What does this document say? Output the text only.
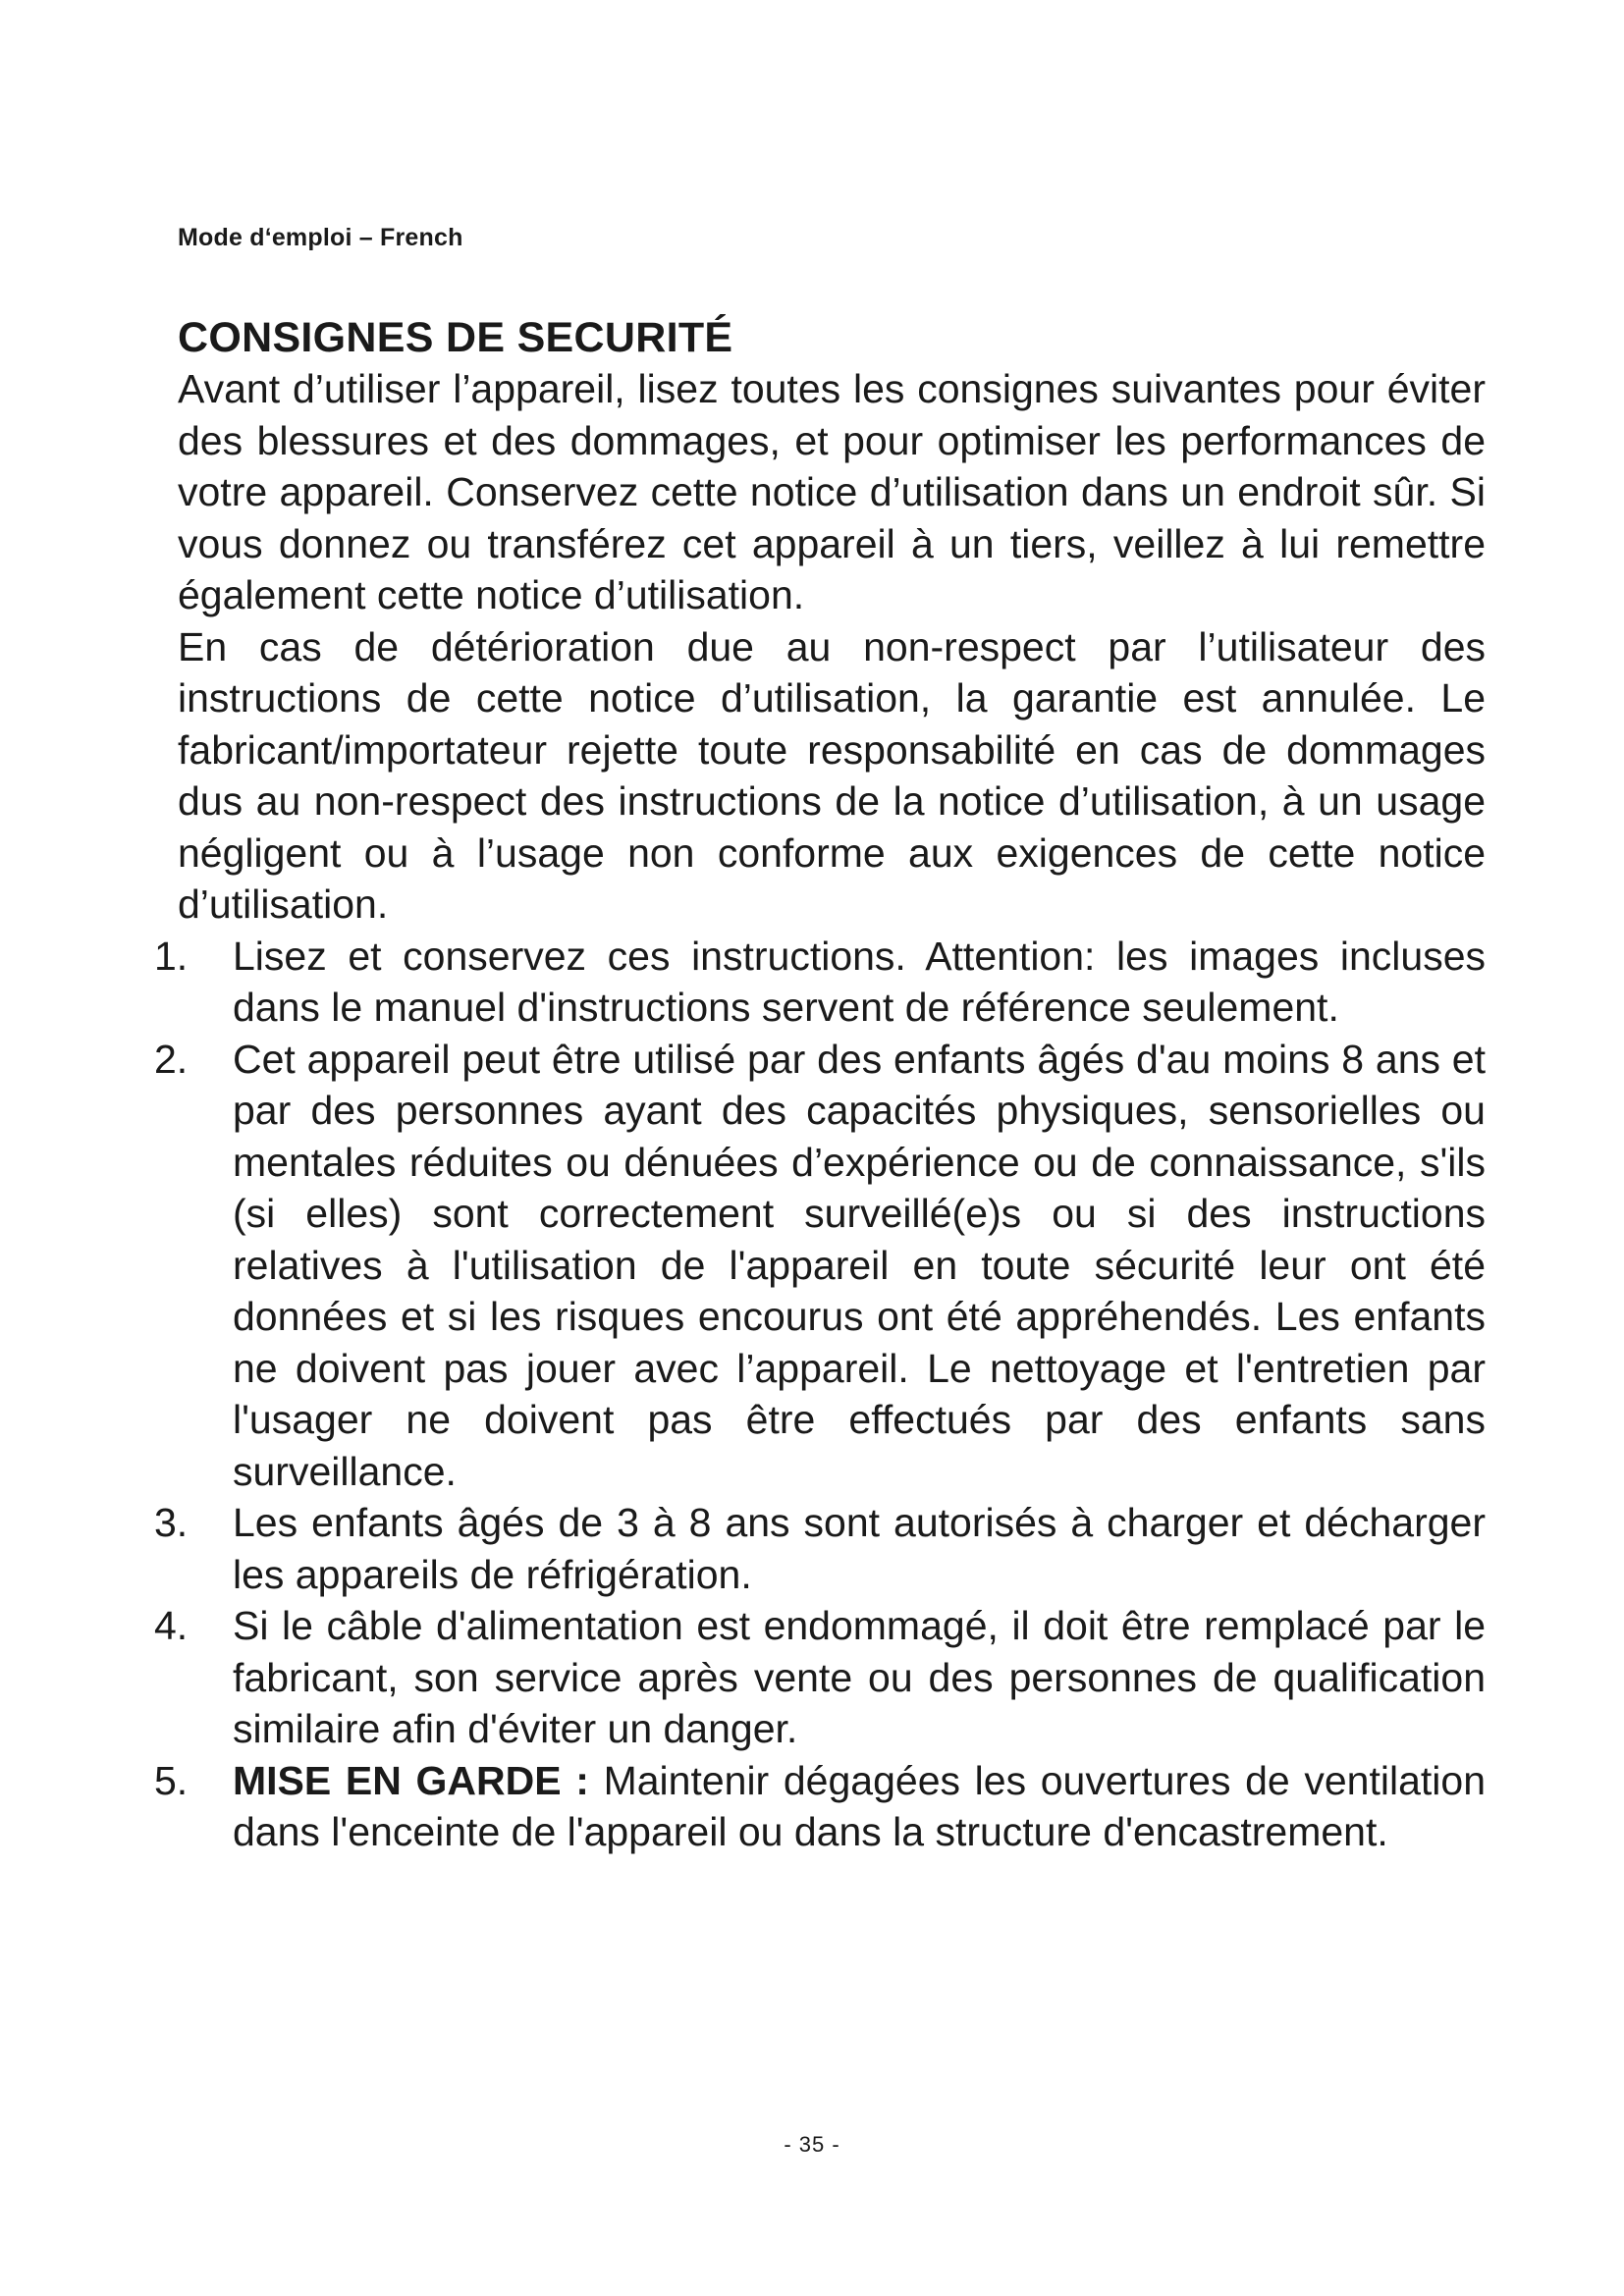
Mode d‘emploi – French
CONSIGNES DE SECURITÉ

Avant d’utiliser l’appareil, lisez toutes les consignes suivantes pour éviter des blessures et des dommages, et pour optimiser les performances de votre appareil. Conservez cette notice d’utilisation dans un endroit sûr. Si vous donnez ou transférez cet appareil à un tiers, veillez à lui remettre également cette notice d’utilisation.

En cas de détérioration due au non-respect par l’utilisateur des instructions de cette notice d’utilisation, la garantie est annulée. Le fabricant/importateur rejette toute responsabilité en cas de dommages dus au non-respect des instructions de la notice d’utilisation, à un usage négligent ou à l’usage non conforme aux exigences de cette notice d’utilisation.

1.	Lisez et conservez ces instructions. Attention: les images incluses dans le manuel d'instructions servent de référence seulement.
2.	Cet appareil peut être utilisé par des enfants âgés d'au moins 8 ans et par des personnes ayant des capacités physiques, sensorielles ou mentales réduites ou dénuées d’expérience ou de connaissance, s'ils (si elles) sont correctement surveillé(e)s ou si des instructions relatives à l'utilisation de l'appareil en toute sécurité leur ont été données et si les risques encourus ont été appréhendés. Les enfants ne doivent pas jouer avec l’appareil. Le nettoyage et l'entretien par l'usager ne doivent pas être effectués par des enfants sans surveillance.
3.	Les enfants âgés de 3 à 8 ans sont autorisés à charger et décharger les appareils de réfrigération.
4.	Si le câble d'alimentation est endommagé, il doit être remplacé par le fabricant, son service après vente ou des personnes de qualification similaire afin d'éviter un danger.
5.	MISE EN GARDE : Maintenir dégagées les ouvertures de ventilation dans l'enceinte de l'appareil ou dans la structure d'encastrement.
- 35 -
